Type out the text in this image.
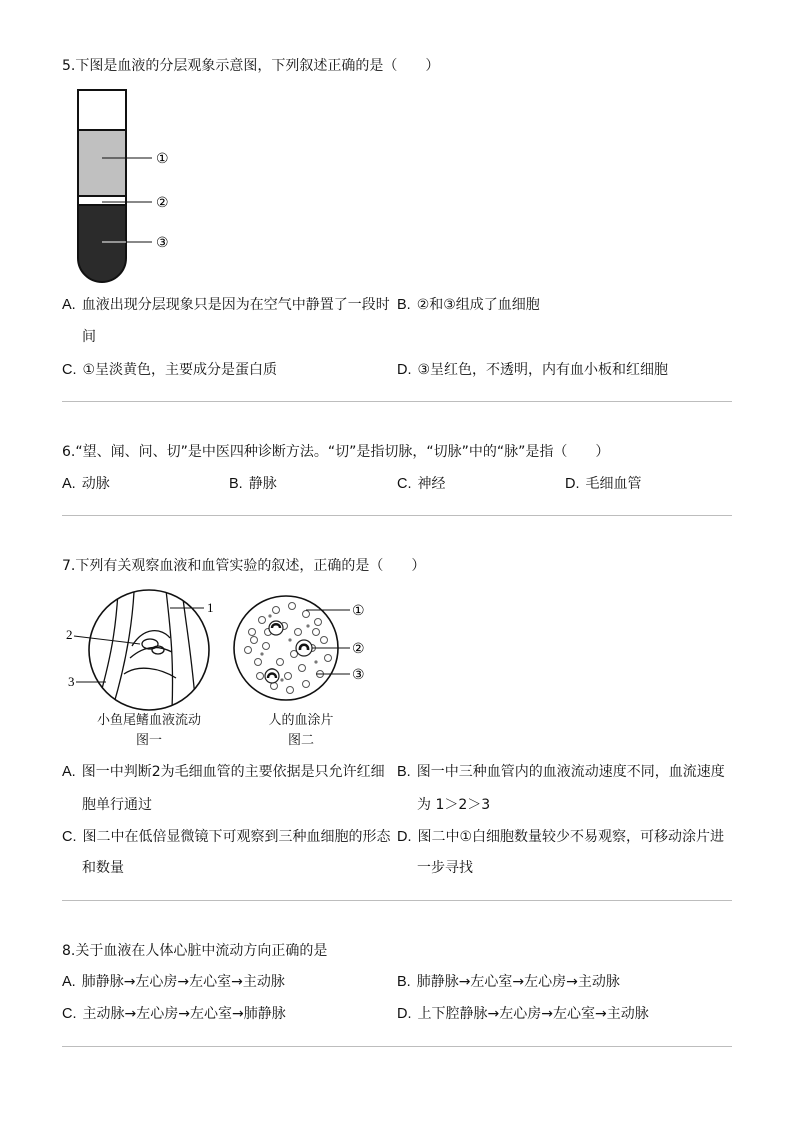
5.下图是血液的分层观象示意图，下列叙述正确的是（　　）
①
②
③
A. 血液出现分层现象只是因为在空气中静置了一段时
间
B. ②和③组成了血细胞
C. ①呈淡黄色，主要成分是蛋白质	D. ③呈红色，不透明，内有血小板和红细胞
6.“望、闻、问、切”是中医四种诊断方法。“切”是指切脉，“切脉”中的“脉”是指（　　）
A. 动脉	B. 静脉	C. 神经	D. 毛细血管
7.下列有关观察血液和血管实验的叙述，正确的是（　　）
1
2
3
小鱼尾鳍血液流动
图一
①
②
③
人的血涂片
图二
A. 图一中判断2为毛细血管的主要依据是只允许红细
胞单行通过
B. 图一中三种血管内的血液流动速度不同，血流速度
为 1＞2＞3
C. 图二中在低倍显微镜下可观察到三种血细胞的形态
和数量
D. 图二中①白细胞数量较少不易观察，可移动涂片进
一步寻找
8.关于血液在人体心脏中流动方向正确的是
A. 肺静脉→左心房→左心室→主动脉	B. 肺静脉→左心室→左心房→主动脉
C. 主动脉→左心房→左心室→肺静脉	D. 上下腔静脉→左心房→左心室→主动脉
